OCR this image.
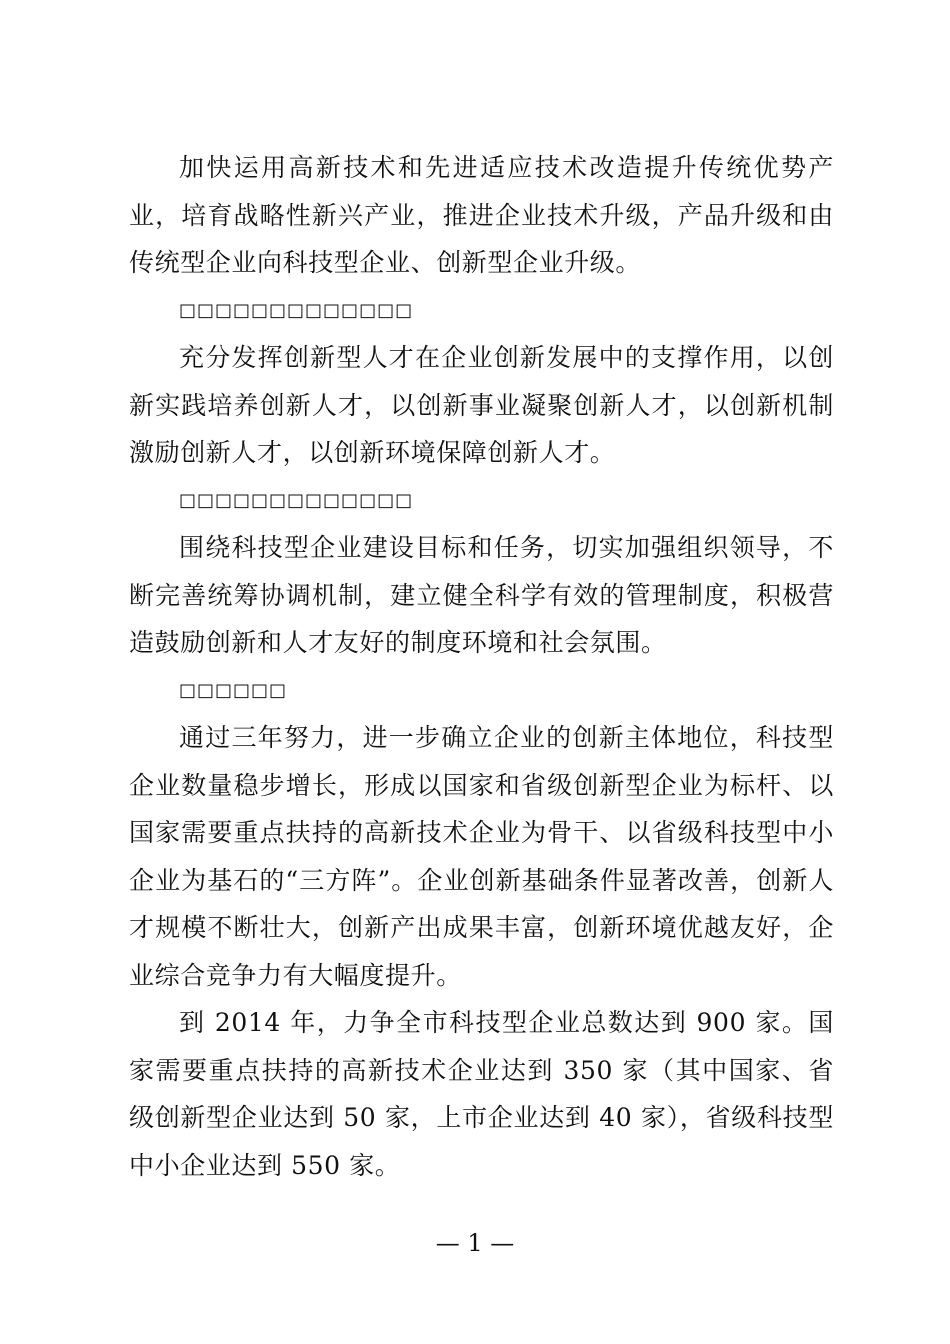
加快运用高新技术和先进适应技术改造提升传统优势产业，培育战略性新兴产业，推进企业技术升级，产品升级和由传统型企业向科技型企业、创新型企业升级。

□□□□□□□□□□□□□

充分发挥创新型人才在企业创新发展中的支撑作用，以创新实践培养创新人才，以创新事业凝聚创新人才，以创新机制激励创新人才，以创新环境保障创新人才。

□□□□□□□□□□□□□

围绕科技型企业建设目标和任务，切实加强组织领导，不断完善统筹协调机制，建立健全科学有效的管理制度，积极营造鼓励创新和人才友好的制度环境和社会氛围。

□□□□□□

通过三年努力，进一步确立企业的创新主体地位，科技型企业数量稳步增长，形成以国家和省级创新型企业为标杆、以国家需要重点扶持的高新技术企业为骨干、以省级科技型中小企业为基石的“三方阵”。企业创新基础条件显著改善，创新人才规模不断壮大，创新产出成果丰富，创新环境优越友好，企业综合竞争力有大幅度提升。

到 2014 年，力争全市科技型企业总数达到 900 家。国家需要重点扶持的高新技术企业达到 350 家（其中国家、省级创新型企业达到 50 家，上市企业达到 40 家），省级科技型中小企业达到 550 家。

— 1 —
